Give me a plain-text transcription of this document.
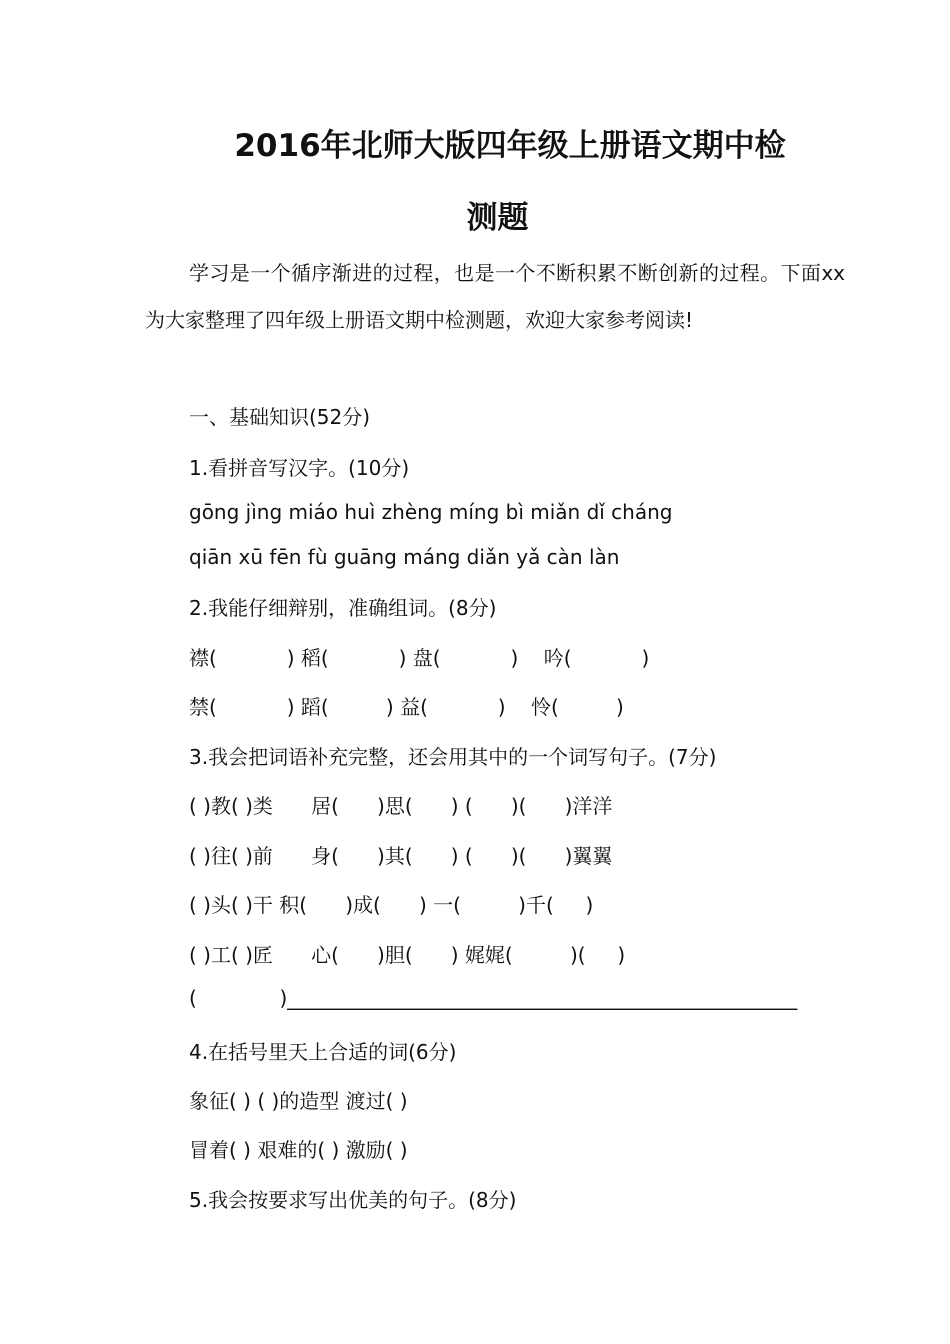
2016年北师大版四年级上册语文期中检
测题

学习是一个循序渐进的过程，也是一个不断积累不断创新的过程。下面xx为大家整理了四年级上册语文期中检测题，欢迎大家参考阅读!

一、基础知识(52分)

1.看拼音写汉字。(10分)

gōng jìng miáo huì zhèng míng bì miǎn dǐ cháng

qiān xū fēn fù guāng máng diǎn yǎ càn làn

2.我能仔细辩别，准确组词。(8分)

襟(           ) 稻(           ) 盘(           )    吟(           )

禁(           ) 蹈(         ) 益(           )    怜(         )

3.我会把词语补充完整，还会用其中的一个词写句子。(7分)

( )教( )类      居(      )思(      ) (      )(      )洋洋

( )往( )前      身(      )其(      ) (      )(      )翼翼

( )头( )干 积(      )成(      ) 一(         )千(     )

( )工( )匠      心(      )胆(      ) 娓娓(         )(     )

(             )___________________________________________________

4.在括号里天上合适的词(6分)

象征( ) ( )的造型 渡过( )

冒着( ) 艰难的( ) 激励( )

5.我会按要求写出优美的句子。(8分)
